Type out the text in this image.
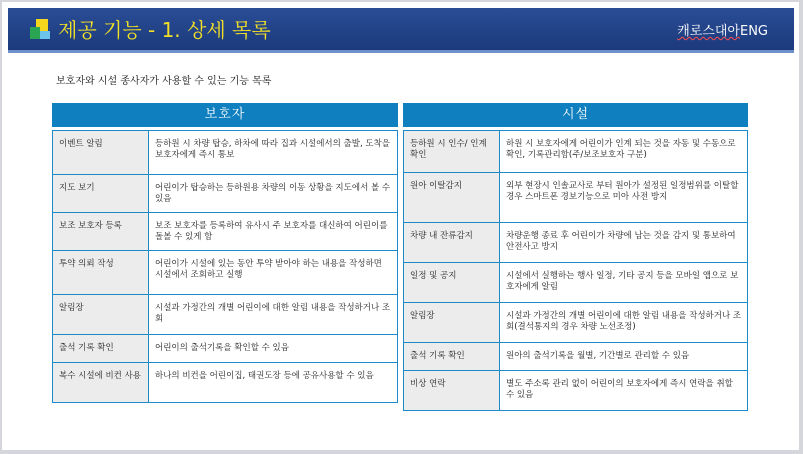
제공 기능 - 1. 상세 목록	캐로스대아ENG
보호자와 시설 종사자가 사용할 수 있는 기능 목록
보호자
이벤트 알림	등하원 시 차량 탑승, 하차에 따라 집과 시설에서의 출발, 도착을 보호자에게 즉시 통보
지도 보기	어린이가 탑승하는 등하원용 차량의 이동 상황을 지도에서 볼 수 있음
보조 보호자 등록	보조 보호자를 등록하여 유사시 주 보호자를 대신하여 어린이를 돌볼 수 있게 함
투약 의뢰 작성	어린이가 시설에 있는 동안 투약 받아야 하는 내용을 작성하면 시설에서 조회하고 실행
알림장	시설과 가정간의 개별 어린이에 대한 알림 내용을 작성하거나 조회
출석 기록 확인	어린이의 출석기록을 확인할 수 있음
복수 시설에 비컨 사용	하나의 비컨을 어린이집, 태권도장 등에 공유사용할 수 있음
시설
등하원 시 인수/ 인계확인	하원 시 보호자에게 어린이가 인계 되는 것을 자동 및 수동으로 확인, 기록관리함(주/보조보호자 구분)
원아 이탈감지	외부 현장시 인솔교사로 부터 원아가 설정된 일정범위를 이탈할경우 스마트폰 경보기능으로 미아 사전 방지
차량 내 잔류감지	차량운행 종료 후 어린이가 차량에 남는 것을 감지 및 통보하여 안전사고 방지
일정 및 공지	시설에서 실행하는 행사 일정, 기타 공지 등을 모바일 앱으로 보호자에게 알림
알림장	시설과 가정간의 개별 어린이에 대한 알림 내용을 작성하거나 조회(결석통지의 경우 차량 노선조정)
출석 기록 확인	원아의 출석기록을 월별, 기간별로 관리할 수 있음
비상 연락	별도 주소록 관리 없이 어린이의 보호자에게 즉시 연락을 취할 수 있음
